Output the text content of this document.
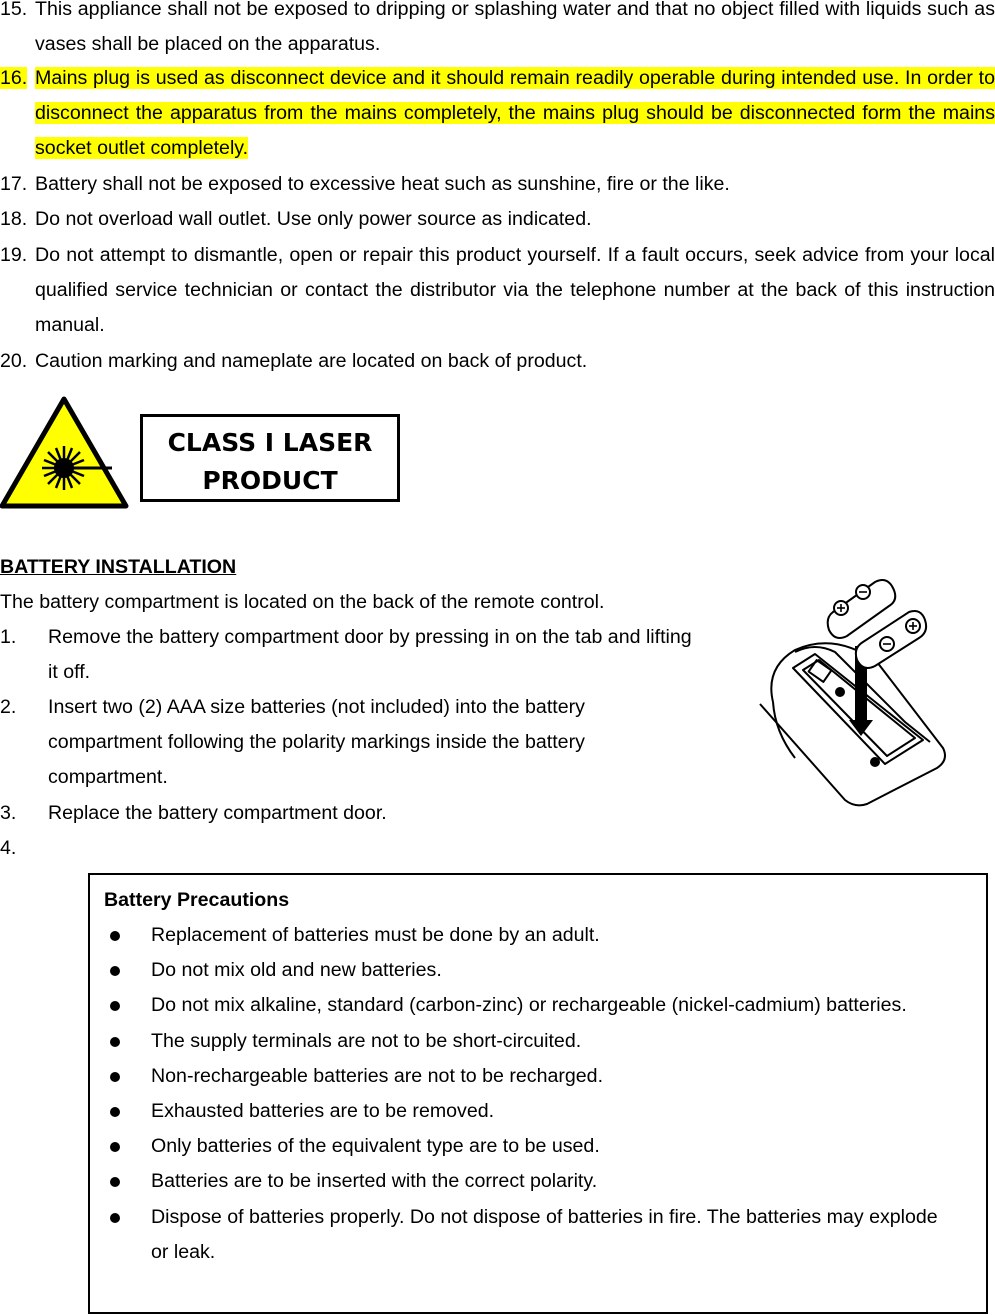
15. This appliance shall not be exposed to dripping or splashing water and that no object filled with liquids such as vases shall be placed on the apparatus.
16. Mains plug is used as disconnect device and it should remain readily operable during intended use. In order to disconnect the apparatus from the mains completely, the mains plug should be disconnected form the mains socket outlet completely.
17. Battery shall not be exposed to excessive heat such as sunshine, fire or the like.
18. Do not overload wall outlet. Use only power source as indicated.
19. Do not attempt to dismantle, open or repair this product yourself. If a fault occurs, seek advice from your local qualified service technician or contact the distributor via the telephone number at the back of this instruction manual.
20. Caution marking and nameplate are located on back of product.
CLASS I LASER
PRODUCT
BATTERY INSTALLATION
The battery compartment is located on the back of the remote control.
1. Remove the battery compartment door by pressing in on the tab and lifting it off.
2. Insert two (2) AAA size batteries (not included) into the battery compartment following the polarity markings inside the battery compartment.
3. Replace the battery compartment door.
4.
Battery Precautions
Replacement of batteries must be done by an adult.
Do not mix old and new batteries.
Do not mix alkaline, standard (carbon-zinc) or rechargeable (nickel-cadmium) batteries.
The supply terminals are not to be short-circuited.
Non-rechargeable batteries are not to be recharged.
Exhausted batteries are to be removed.
Only batteries of the equivalent type are to be used.
Batteries are to be inserted with the correct polarity.
Dispose of batteries properly. Do not dispose of batteries in fire. The batteries may explode or leak.
